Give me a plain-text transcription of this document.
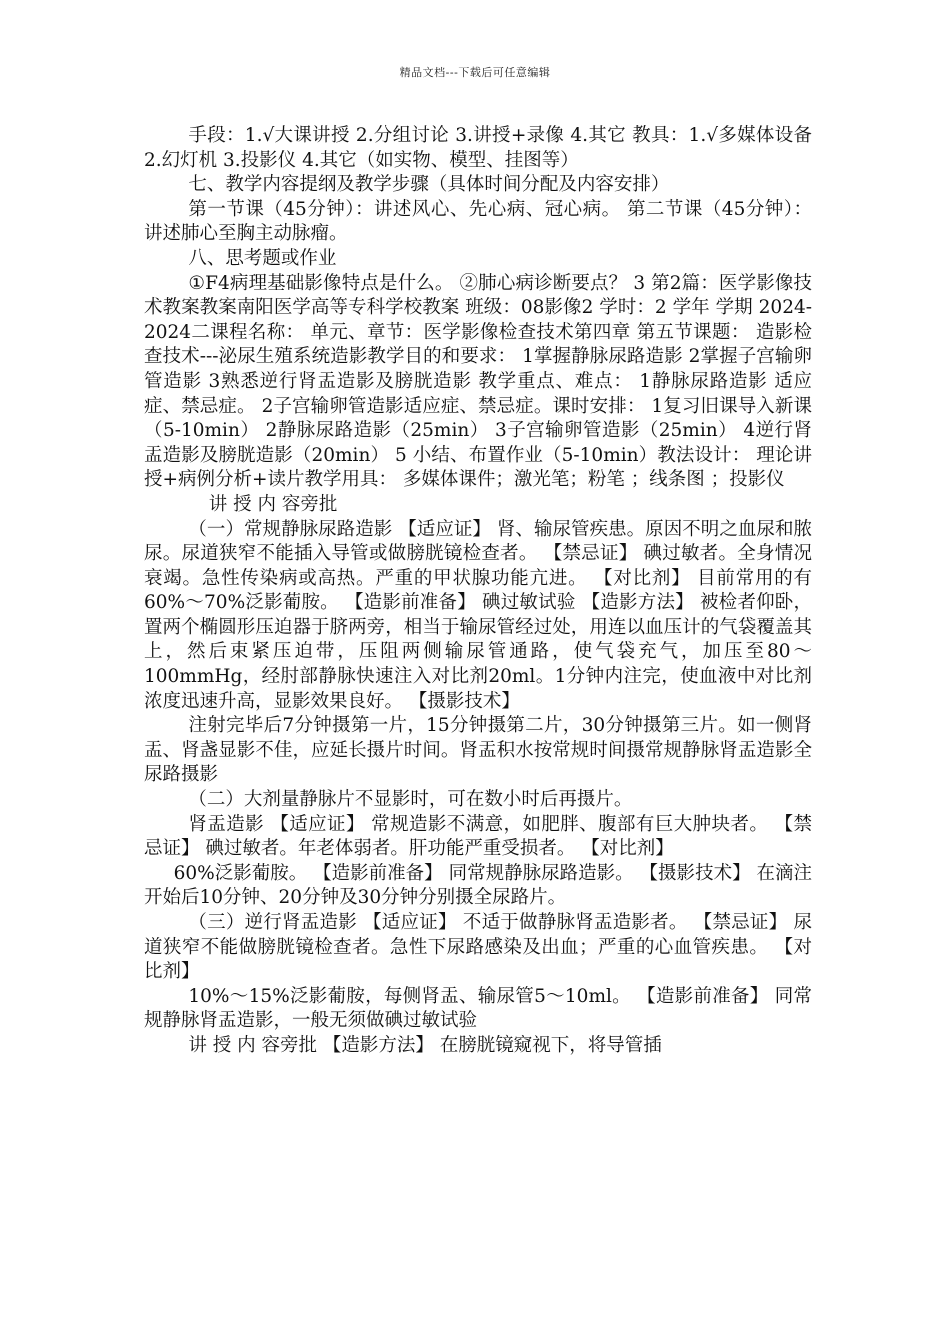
精品文档---下载后可任意编辑

手段：1.√大课讲授 2.分组讨论 3.讲授+录像 4.其它 教具：1.√多媒体设备 2.幻灯机 3.投影仪 4.其它（如实物、模型、挂图等）

七、教学内容提纲及教学步骤（具体时间分配及内容安排）

第一节课（45分钟）：讲述风心、先心病、冠心病。 第二节课（45分钟）：讲述肺心至胸主动脉瘤。

八、思考题或作业

①F4病理基础影像特点是什么。 ②肺心病诊断要点？ 3 第2篇：医学影像技术教案教案南阳医学高等专科学校教案 班级：08影像2 学时：2 学年 学期 2024-2024二课程名称： 单元、章节：医学影像检查技术第四章 第五节课题： 造影检查技术---泌尿生殖系统造影教学目的和要求： 1掌握静脉尿路造影 2掌握子宫输卵管造影 3熟悉逆行肾盂造影及膀胱造影 教学重点、难点： 1静脉尿路造影 适应症、禁忌症。 2子宫输卵管造影适应症、禁忌症。课时安排： 1复习旧课导入新课（5-10min） 2静脉尿路造影（25min） 3子宫输卵管造影（25min） 4逆行肾盂造影及膀胱造影（20min） 5 小结、布置作业（5-10min）教法设计： 理论讲授+病例分析+读片教学用具： 多媒体课件；激光笔；粉笔 ；线条图 ；投影仪

讲 授 内 容旁批

（一）常规静脉尿路造影 【适应证】 肾、输尿管疾患。原因不明之血尿和脓尿。尿道狭窄不能插入导管或做膀胱镜检查者。 【禁忌证】 碘过敏者。全身情况衰竭。急性传染病或高热。严重的甲状腺功能亢进。 【对比剂】 目前常用的有60%～70%泛影葡胺。 【造影前准备】 碘过敏试验 【造影方法】 被检者仰卧，置两个椭圆形压迫器于脐两旁，相当于输尿管经过处，用连以血压计的气袋覆盖其上，然后束紧压迫带，压阻两侧输尿管通路，使气袋充气，加压至80～100mmHg，经肘部静脉快速注入对比剂20ml。1分钟内注完，使血液中对比剂浓度迅速升高，显影效果良好。 【摄影技术】

注射完毕后7分钟摄第一片，15分钟摄第二片，30分钟摄第三片。如一侧肾盂、肾盏显影不佳，应延长摄片时间。肾盂积水按常规时间摄常规静脉肾盂造影全尿路摄影

（二）大剂量静脉片不显影时，可在数小时后再摄片。

肾盂造影 【适应证】 常规造影不满意，如肥胖、腹部有巨大肿块者。 【禁忌证】 碘过敏者。年老体弱者。肝功能严重受损者。 【对比剂】

60%泛影葡胺。 【造影前准备】 同常规静脉尿路造影。 【摄影技术】 在滴注开始后10分钟、20分钟及30分钟分别摄全尿路片。

（三）逆行肾盂造影 【适应证】 不适于做静脉肾盂造影者。 【禁忌证】 尿道狭窄不能做膀胱镜检查者。急性下尿路感染及出血；严重的心血管疾患。 【对比剂】

10%～15%泛影葡胺，每侧肾盂、输尿管5～10ml。 【造影前准备】 同常规静脉肾盂造影，一般无须做碘过敏试验

讲 授 内 容旁批 【造影方法】 在膀胱镜窥视下，将导管插
